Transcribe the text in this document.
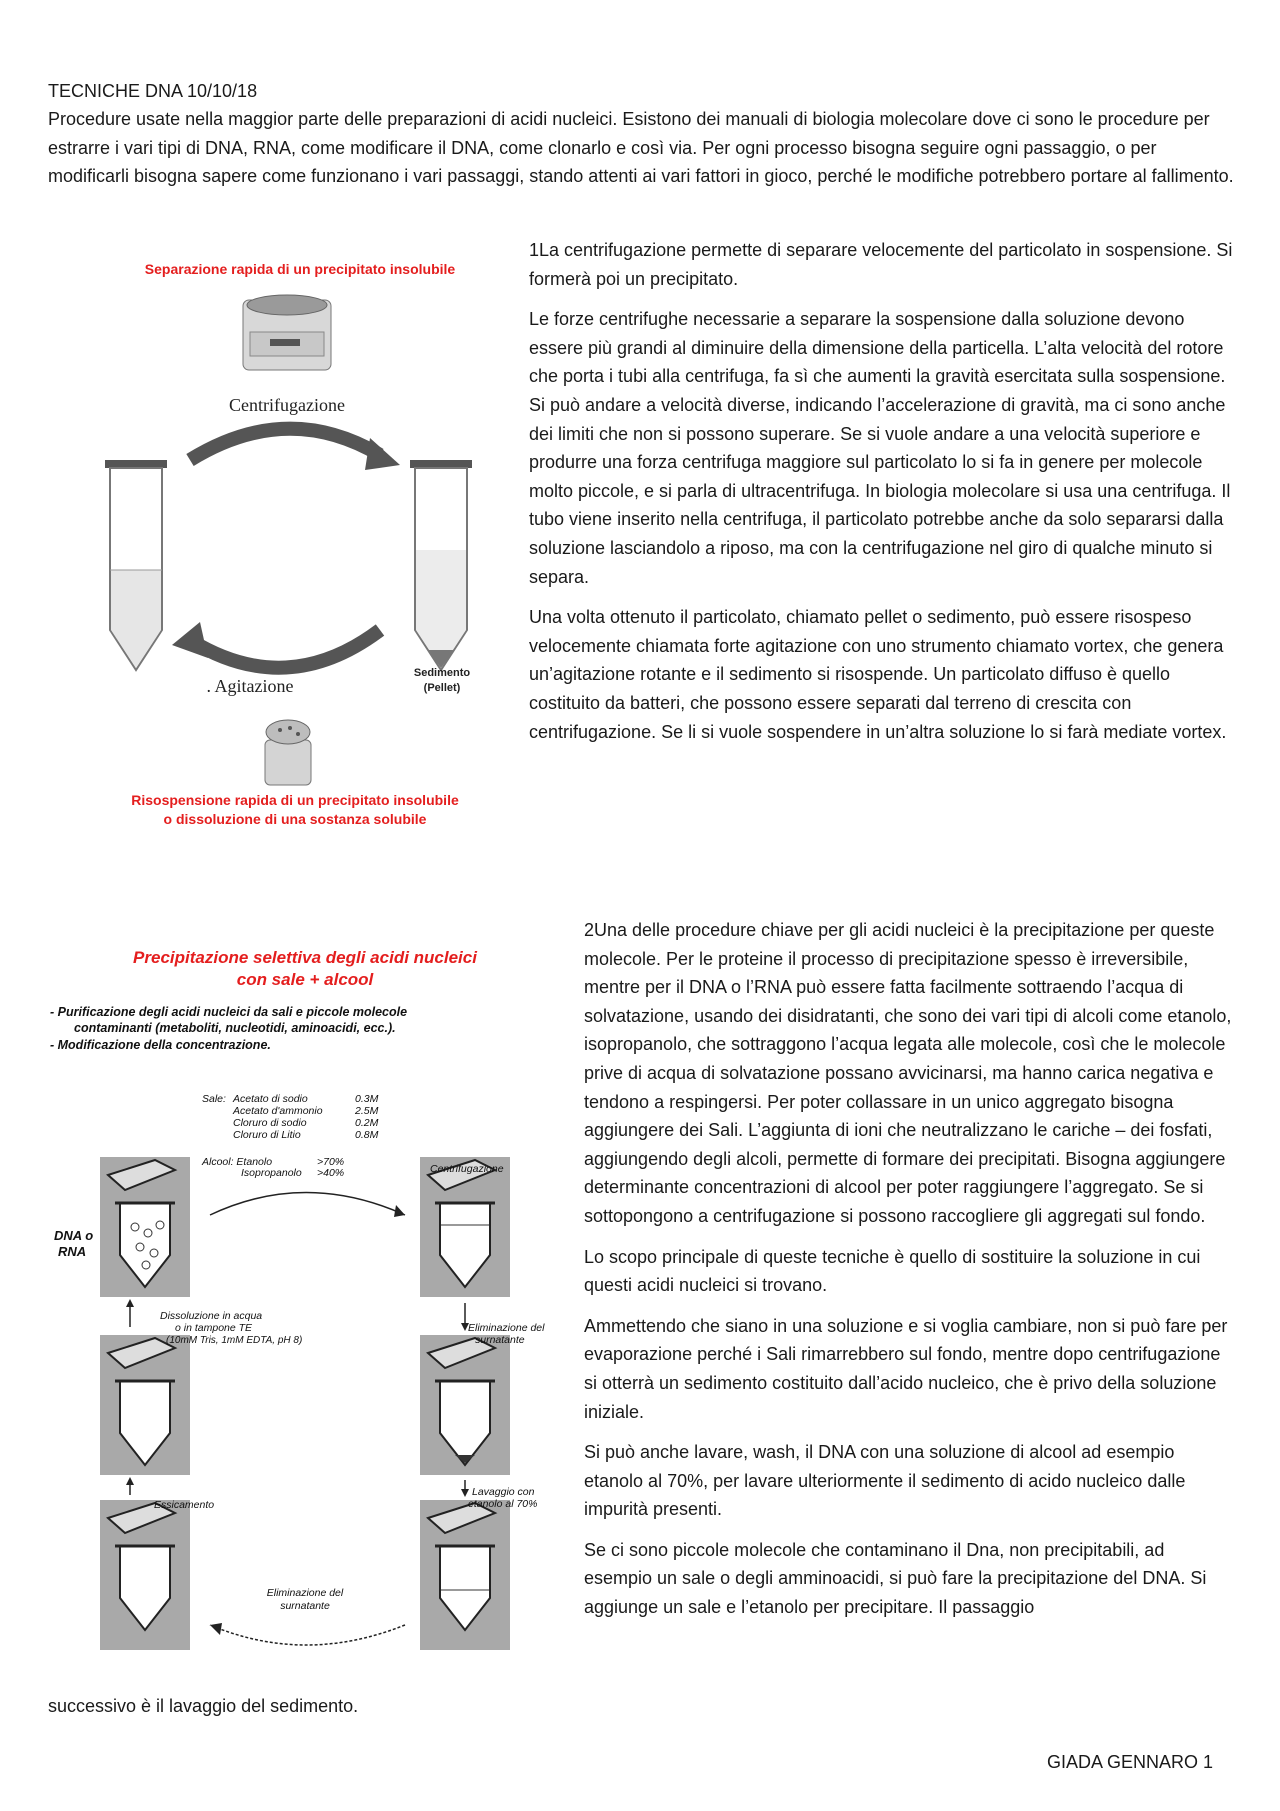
TECNICHE DNA 10/10/18

Procedure usate nella maggior parte delle preparazioni di acidi nucleici. Esistono dei manuali di biologia molecolare dove ci sono le procedure per estrarre i vari tipi di DNA, RNA, come modificare il DNA, come clonarlo e così via. Per ogni processo bisogna seguire ogni passaggio, o per modificarli bisogna sapere come funzionano i vari passaggi, stando attenti ai vari fattori in gioco, perché le modifiche potrebbero portare al fallimento.

Separazione rapida di un precipitato insolubile
Centrifugazione
. Agitazione
Sedimento
(Pellet)
Risospensione rapida di un precipitato insolubile
o dissoluzione di una sostanza solubile

1La centrifugazione permette di separare velocemente del particolato in sospensione. Si formerà poi un precipitato.

Le forze centrifughe necessarie a separare la sospensione dalla soluzione devono essere più grandi al diminuire della dimensione della particella. L’alta velocità del rotore che porta i tubi alla centrifuga, fa sì che aumenti la gravità esercitata sulla sospensione. Si può andare a velocità diverse, indicando l’accelerazione di gravità, ma ci sono anche dei limiti che non si possono superare. Se si vuole andare a una velocità superiore e produrre una forza centrifuga maggiore sul particolato lo si fa in genere per molecole molto piccole, e si parla di ultracentrifuga. In biologia molecolare si usa una centrifuga. Il tubo viene inserito nella centrifuga, il particolato potrebbe anche da solo separarsi dalla soluzione lasciandolo a riposo, ma con la centrifugazione nel giro di qualche minuto si separa.

Una volta ottenuto il particolato, chiamato pellet o sedimento, può essere risospeso velocemente chiamata forte agitazione con uno strumento chiamato vortex, che genera un’agitazione rotante e il sedimento si risospende. Un particolato diffuso è quello costituito da batteri, che possono essere separati dal terreno di crescita con centrifugazione. Se li si vuole sospendere in un’altra soluzione lo si farà mediate vortex.

Precipitazione selettiva degli acidi nucleici
con sale + alcool
- Purificazione degli acidi nucleici da sali e piccole molecole
contaminanti (metaboliti, nucleotidi, aminoacidi, ecc.).
- Modificazione della concentrazione.
Sale: Acetato di sodio	0.3M
Acetato d'ammonio	2.5M
Cloruro di sodio	0.2M
Cloruro di Litio	0.8M
Alcool: Etanolo	>70%
Isopropanolo >40%
DNA o
RNA
Centrifugazione
Dissoluzione in acqua
o in tampone TE
(10mM Tris, 1mM EDTA, pH 8)
Eliminazione del
surnatante
Essicamento
Lavaggio con
etanolo al 70%
Eliminazione del
surnatante

2Una delle procedure chiave per gli acidi nucleici è la precipitazione per queste molecole. Per le proteine il processo di precipitazione spesso è irreversibile, mentre per il DNA o l’RNA può essere fatta facilmente sottraendo l’acqua di solvatazione, usando dei disidratanti, che sono dei vari tipi di alcoli come etanolo, isopropanolo, che sottraggono l’acqua legata alle molecole, così che le molecole prive di acqua di solvatazione possano avvicinarsi, ma hanno carica negativa e tendono a respingersi. Per poter collassare in un unico aggregato bisogna aggiungere dei Sali. L’aggiunta di ioni che neutralizzano le cariche – dei fosfati, aggiungendo degli alcoli, permette di formare dei precipitati. Bisogna aggiungere determinante concentrazioni di alcool per poter raggiungere l’aggregato. Se si sottopongono a centrifugazione si possono raccogliere gli aggregati sul fondo.

Lo scopo principale di queste tecniche è quello di sostituire la soluzione in cui questi acidi nucleici si trovano.

Ammettendo che siano in una soluzione e si voglia cambiare, non si può fare per evaporazione perché i Sali rimarrebbero sul fondo, mentre dopo centrifugazione si otterrà un sedimento costituito dall’acido nucleico, che è privo della soluzione iniziale.

Si può anche lavare, wash, il DNA con una soluzione di alcool ad esempio etanolo al 70%, per lavare ulteriormente il sedimento di acido nucleico dalle impurità presenti.

Se ci sono piccole molecole che contaminano il Dna, non precipitabili, ad esempio un sale o degli amminoacidi, si può fare la precipitazione del DNA. Si aggiunge un sale e l’etanolo per precipitare. Il passaggio

successivo è il lavaggio del sedimento.

GIADA GENNARO 1
